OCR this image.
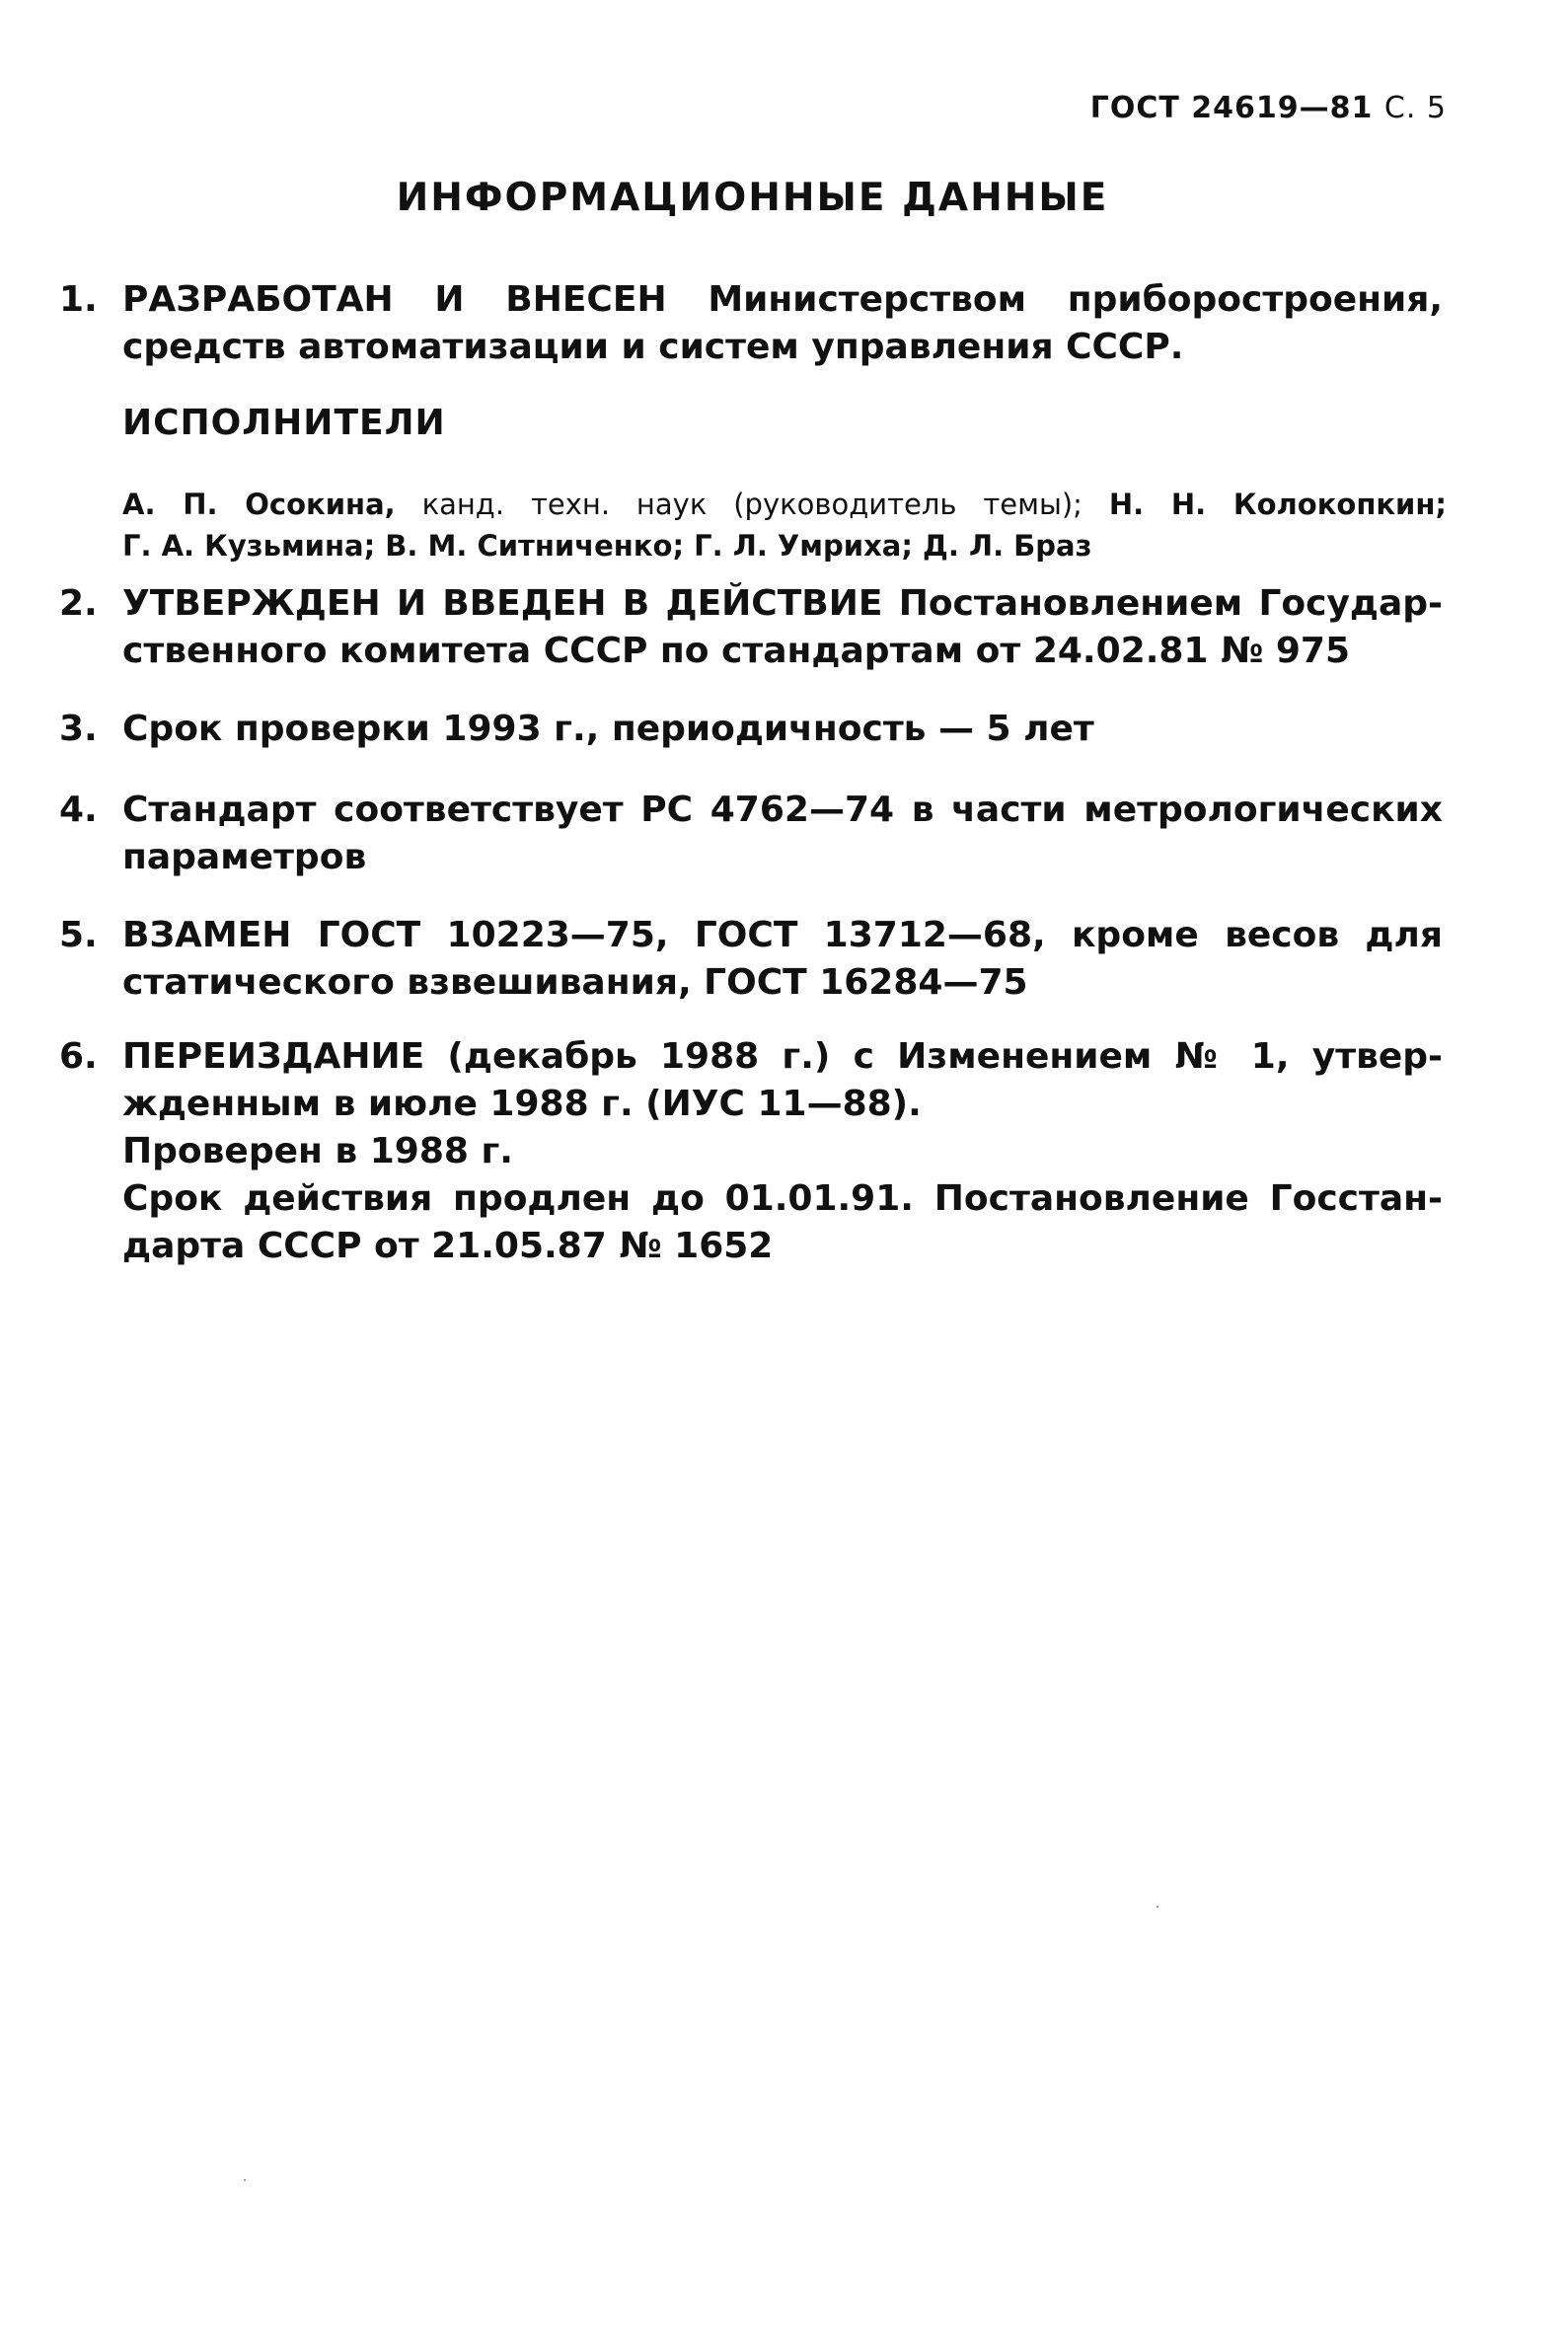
ГОСТ 24619—81 С. 5
ИНФОРМАЦИОННЫЕ ДАННЫЕ
1. РАЗРАБОТАН И ВНЕСЕН Министерством приборостроения,
средств автоматизации и систем управления СССР.
ИСПОЛНИТЕЛИ
А. П. Осокина, канд. техн. наук (руководитель темы); Н. Н. Колокопкин;
Г. А. Кузьмина; В. М. Ситниченко; Г. Л. Умриха; Д. Л. Браз
2. УТВЕРЖДЕН И ВВЕДЕН В ДЕЙСТВИЕ Постановлением Государ-
ственного комитета СССР по стандартам от 24.02.81 № 975
3. Срок проверки 1993 г., периодичность — 5 лет
4. Стандарт соответствует РС 4762—74 в части метрологических
параметров
5. ВЗАМЕН ГОСТ 10223—75, ГОСТ 13712—68, кроме весов для
статического взвешивания, ГОСТ 16284—75
6. ПЕРЕИЗДАНИЕ (декабрь 1988 г.) с Изменением № 1, утвер-
жденным в июле 1988 г. (ИУС 11—88).
Проверен в 1988 г.
Срок действия продлен до 01.01.91. Постановление Госстан-
дарта СССР от 21.05.87 № 1652
